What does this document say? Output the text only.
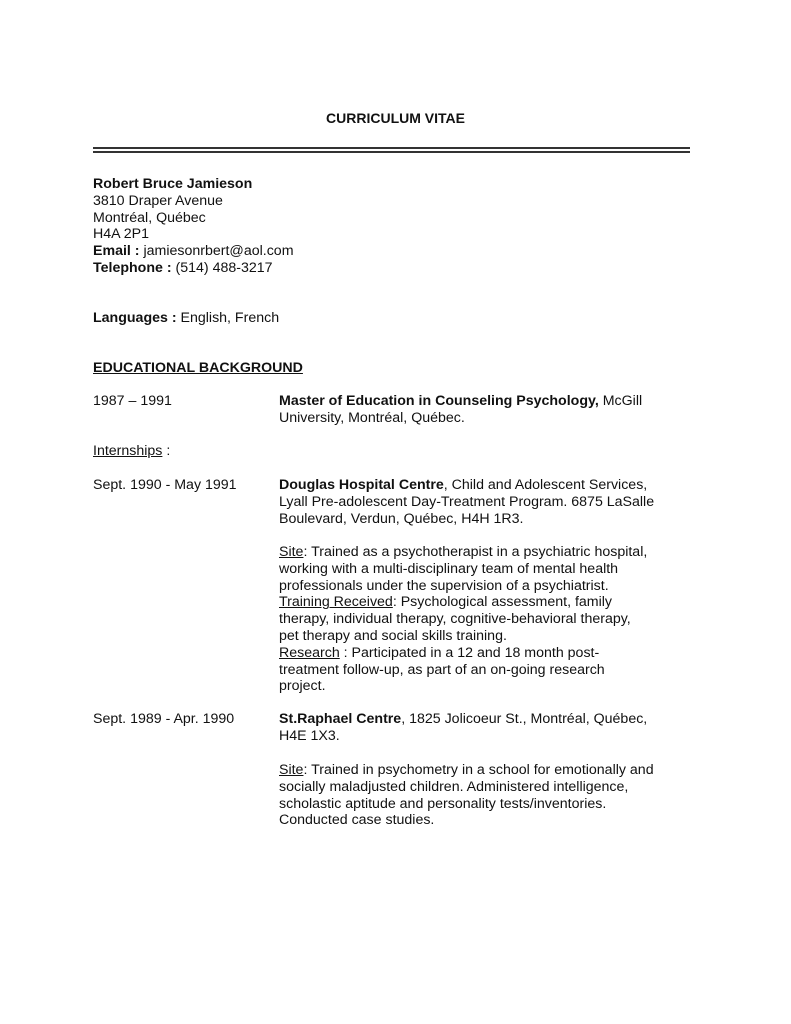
CURRICULUM VITAE
Robert Bruce Jamieson
3810 Draper Avenue
Montréal, Québec
H4A 2P1
Email : jamiesonrbert@aol.com
Telephone : (514) 488-3217
Languages : English, French
EDUCATIONAL BACKGROUND
1987 – 1991	Master of Education in Counseling Psychology, McGill
University, Montréal, Québec.
Internships :
Sept. 1990 - May 1991	Douglas Hospital Centre, Child and Adolescent Services,
Lyall Pre-adolescent Day-Treatment Program. 6875 LaSalle
Boulevard, Verdun, Québec, H4H 1R3.
Site: Trained as a psychotherapist in a psychiatric hospital,
working with a multi-disciplinary team of mental health
professionals under the supervision of a psychiatrist.
Training Received: Psychological assessment, family
therapy, individual therapy, cognitive-behavioral therapy,
pet therapy and social skills training.
Research : Participated in a 12 and 18 month post-
treatment follow-up, as part of an on-going research
project.
Sept. 1989 - Apr. 1990	St.Raphael Centre, 1825 Jolicoeur St., Montréal, Québec,
H4E 1X3.
Site: Trained in psychometry in a school for emotionally and
socially maladjusted children. Administered intelligence,
scholastic aptitude and personality tests/inventories.
Conducted case studies.
